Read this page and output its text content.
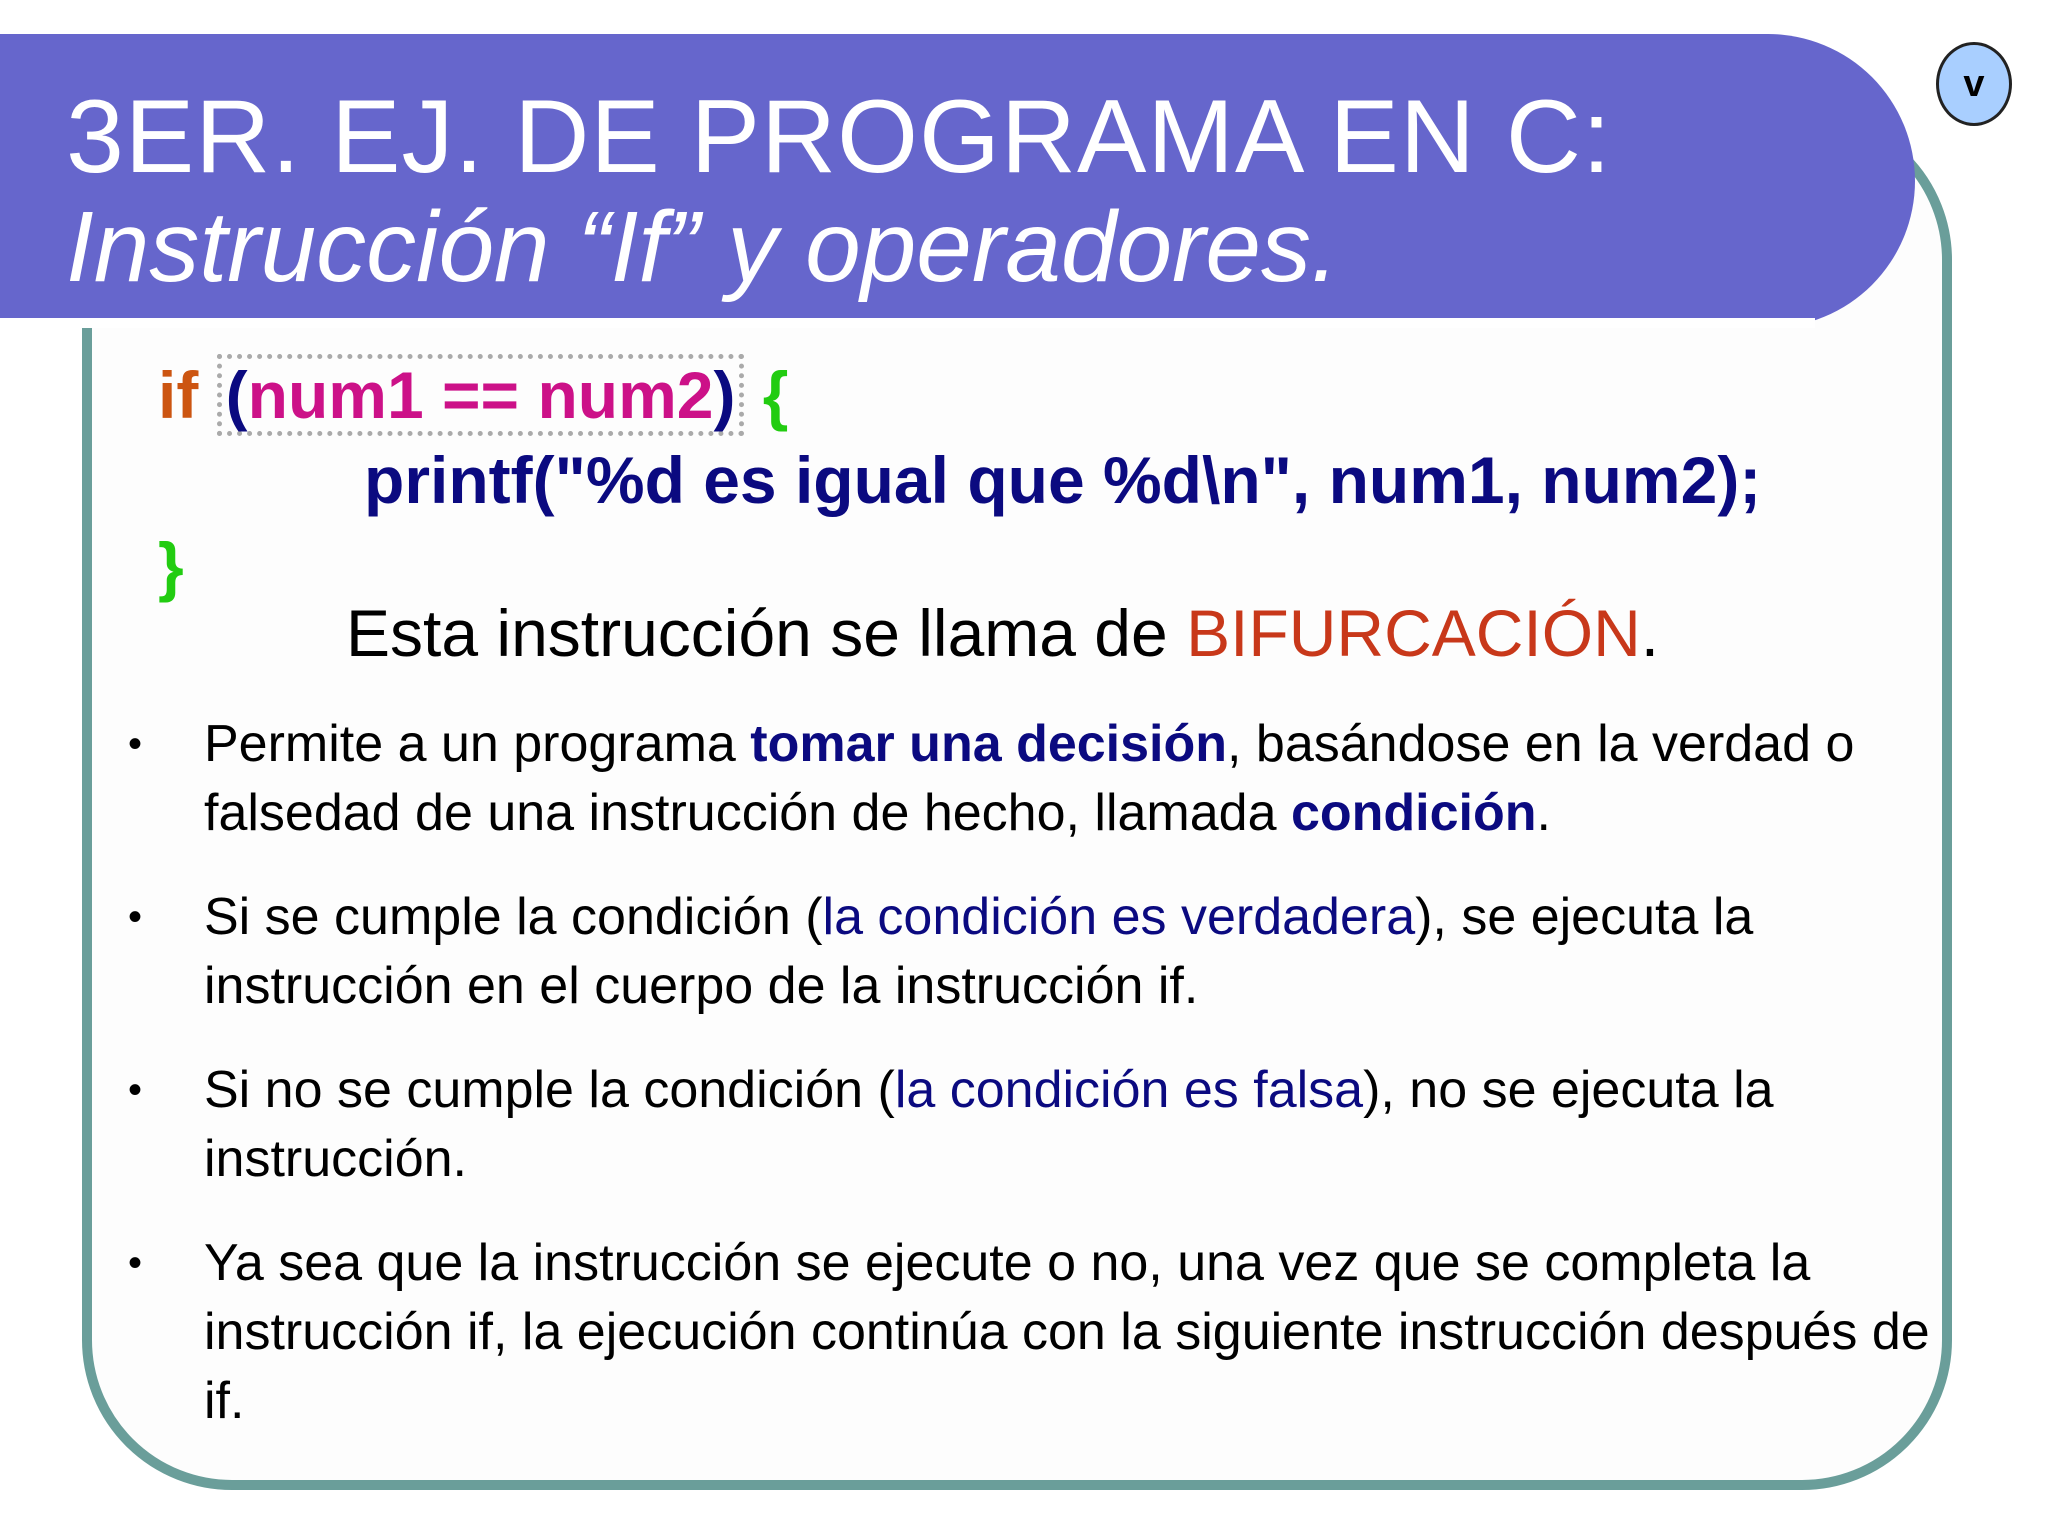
3ER. EJ. DE PROGRAMA EN C:
Instrucción “If” y operadores.
v
if (num1 == num2) {
printf("%d es igual que %d\n", num1, num2);
}
Esta instrucción se llama de BIFURCACIÓN.
• Permite a un programa tomar una decisión, basándose en la verdad o falsedad de una instrucción de hecho, llamada condición.
• Si se cumple la condición (la condición es verdadera), se ejecuta la instrucción en el cuerpo de la instrucción if.
• Si no se cumple la condición (la condición es falsa), no se ejecuta la instrucción.
• Ya sea que la instrucción se ejecute o no, una vez que se completa la instrucción if, la ejecución continúa con la siguiente instrucción después de if.
